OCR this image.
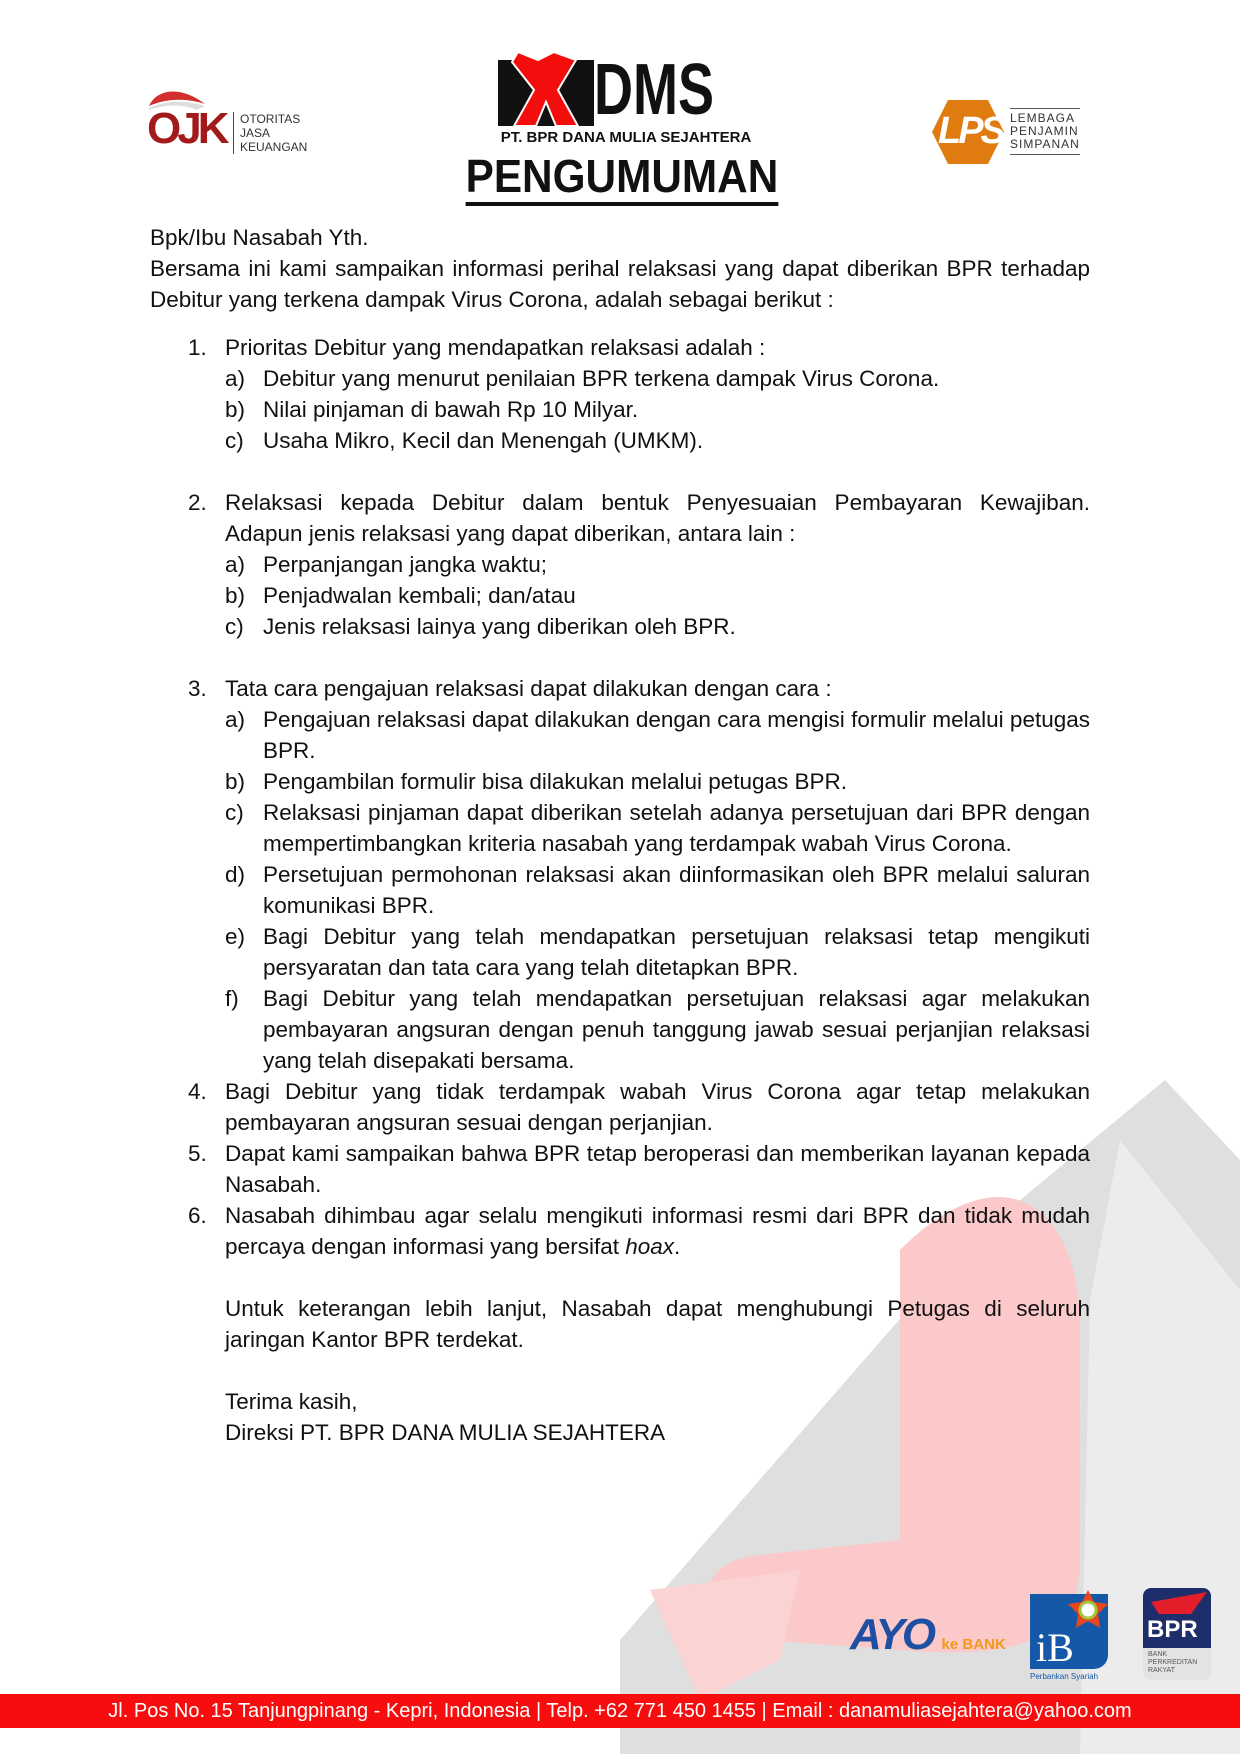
OJK OTORITAS
JASA
KEUANGAN
DMS
PT. BPR DANA MULIA SEJAHTERA
PENGUMUMAN
LPS LEMBAGA
PENJAMIN
SIMPANAN

Bpk/Ibu Nasabah Yth.

Bersama ini kami sampaikan informasi perihal relaksasi yang dapat diberikan BPR terhadap Debitur yang terkena dampak Virus Corona, adalah sebagai berikut :

1. Prioritas Debitur yang mendapatkan relaksasi adalah :
a) Debitur yang menurut penilaian BPR terkena dampak Virus Corona.
b) Nilai pinjaman di bawah Rp 10 Milyar.
c) Usaha Mikro, Kecil dan Menengah (UMKM).
2. Relaksasi kepada Debitur dalam bentuk Penyesuaian Pembayaran Kewajiban. Adapun jenis relaksasi yang dapat diberikan, antara lain :
a) Perpanjangan jangka waktu;
b) Penjadwalan kembali; dan/atau
c) Jenis relaksasi lainya yang diberikan oleh BPR.
3. Tata cara pengajuan relaksasi dapat dilakukan dengan cara :
a) Pengajuan relaksasi dapat dilakukan dengan cara mengisi formulir melalui petugas BPR.
b) Pengambilan formulir bisa dilakukan melalui petugas BPR.
c) Relaksasi pinjaman dapat diberikan setelah adanya persetujuan dari BPR dengan mempertimbangkan kriteria nasabah yang terdampak wabah Virus Corona.
d) Persetujuan permohonan relaksasi akan diinformasikan oleh BPR melalui saluran komunikasi BPR.
e) Bagi Debitur yang telah mendapatkan persetujuan relaksasi tetap mengikuti persyaratan dan tata cara yang telah ditetapkan BPR.
f) Bagi Debitur yang telah mendapatkan persetujuan relaksasi agar melakukan pembayaran angsuran dengan penuh tanggung jawab sesuai perjanjian relaksasi yang telah disepakati bersama.
4. Bagi Debitur yang tidak terdampak wabah Virus Corona agar tetap melakukan pembayaran angsuran sesuai dengan perjanjian.
5. Dapat kami sampaikan bahwa BPR tetap beroperasi dan memberikan layanan kepada Nasabah.
6. Nasabah dihimbau agar selalu mengikuti informasi resmi dari BPR dan tidak mudah percaya dengan informasi yang bersifat hoax.

Untuk keterangan lebih lanjut, Nasabah dapat menghubungi Petugas di seluruh jaringan Kantor BPR terdekat.

Terima kasih,

Direksi PT. BPR DANA MULIA SEJAHTERA

AYO ke BANK iB
Perbankan Syariah
BPR
BANK
PERKREDITAN
RAKYAT
Jl. Pos No. 15 Tanjungpinang - Kepri, Indonesia | Telp. +62 771 450 1455 | Email : danamuliasejahtera@yahoo.com
